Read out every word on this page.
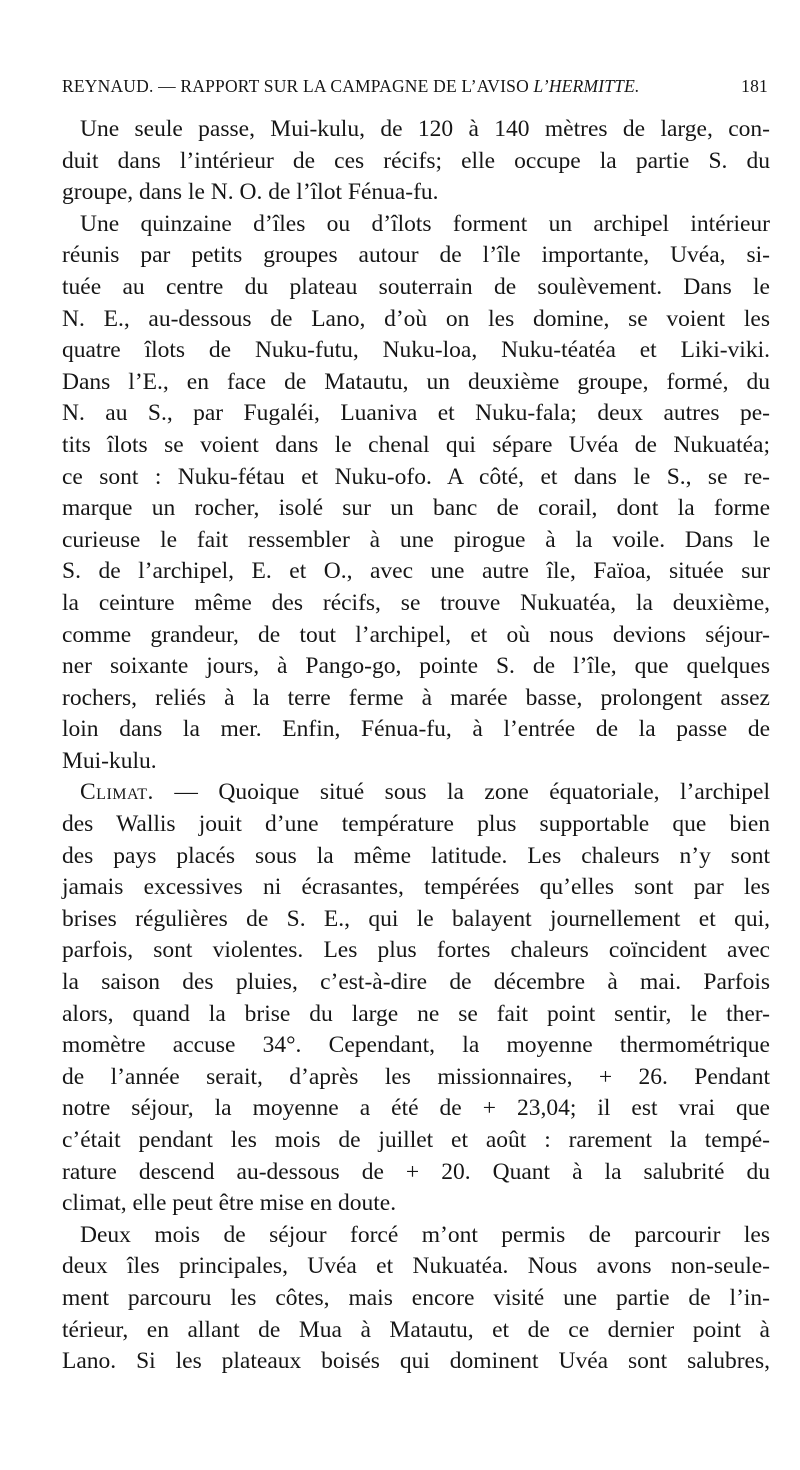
REYNAUD. — RAPPORT SUR LA CAMPAGNE DE L’AVISO L’HERMITTE.	181
Une seule passe, Mui-kulu, de 120 à 140 mètres de large, con-
duit dans l’intérieur de ces récifs; elle occupe la partie S. du
groupe, dans le N. O. de l’îlot Fénua-fu.
Une quinzaine d’îles ou d’îlots forment un archipel intérieur
réunis par petits groupes autour de l’île importante, Uvéa, si-
tuée au centre du plateau souterrain de soulèvement. Dans le
N. E., au-dessous de Lano, d’où on les domine, se voient les
quatre îlots de Nuku-futu, Nuku-loa, Nuku-téatéa et Liki-viki.
Dans l’E., en face de Matautu, un deuxième groupe, formé, du
N. au S., par Fugaléi, Luaniva et Nuku-fala; deux autres pe-
tits îlots se voient dans le chenal qui sépare Uvéa de Nukuatéa;
ce sont : Nuku-fétau et Nuku-ofo. A côté, et dans le S., se re-
marque un rocher, isolé sur un banc de corail, dont la forme
curieuse le fait ressembler à une pirogue à la voile. Dans le
S. de l’archipel, E. et O., avec une autre île, Faïoa, située sur
la ceinture même des récifs, se trouve Nukuatéa, la deuxième,
comme grandeur, de tout l’archipel, et où nous devions séjour-
ner soixante jours, à Pango-go, pointe S. de l’île, que quelques
rochers, reliés à la terre ferme à marée basse, prolongent assez
loin dans la mer. Enfin, Fénua-fu, à l’entrée de la passe de
Mui-kulu.
Climat. — Quoique situé sous la zone équatoriale, l’archipel
des Wallis jouit d’une température plus supportable que bien
des pays placés sous la même latitude. Les chaleurs n’y sont
jamais excessives ni écrasantes, tempérées qu’elles sont par les
brises régulières de S. E., qui le balayent journellement et qui,
parfois, sont violentes. Les plus fortes chaleurs coïncident avec
la saison des pluies, c’est-à-dire de décembre à mai. Parfois
alors, quand la brise du large ne se fait point sentir, le ther-
momètre accuse 34°. Cependant, la moyenne thermométrique
de l’année serait, d’après les missionnaires, + 26. Pendant
notre séjour, la moyenne a été de + 23,04; il est vrai que
c’était pendant les mois de juillet et août : rarement la tempé-
rature descend au-dessous de + 20. Quant à la salubrité du
climat, elle peut être mise en doute.
Deux mois de séjour forcé m’ont permis de parcourir les
deux îles principales, Uvéa et Nukuatéa. Nous avons non-seule-
ment parcouru les côtes, mais encore visité une partie de l’in-
térieur, en allant de Mua à Matautu, et de ce dernier point à
Lano. Si les plateaux boisés qui dominent Uvéa sont salubres,
